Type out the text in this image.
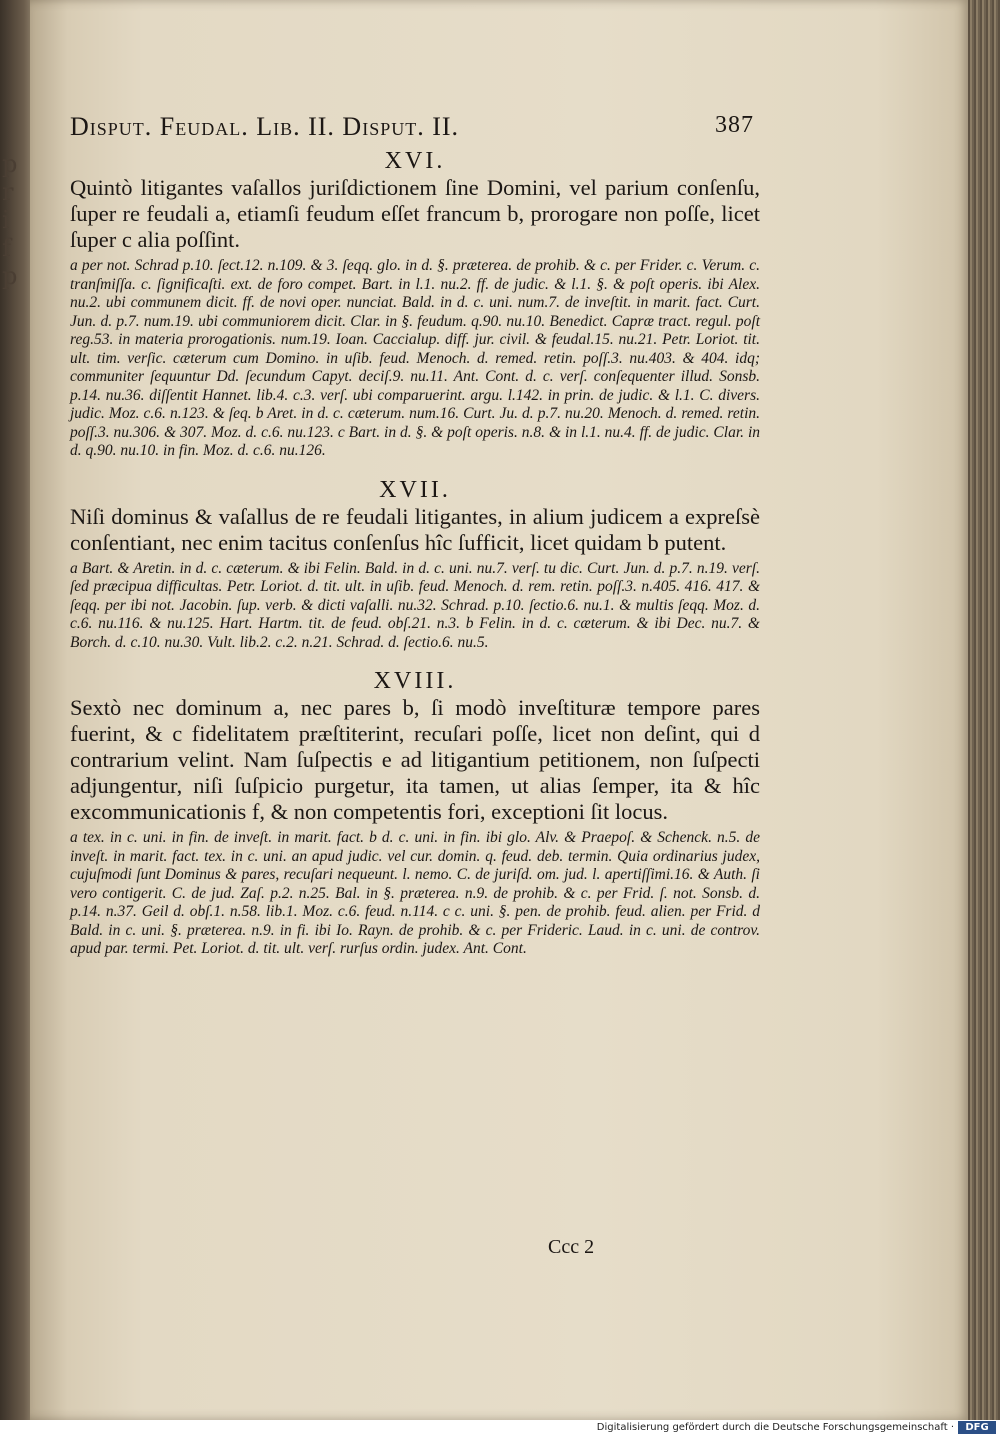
p
r
i
f
p
Disput. Feudal. Lib. II. Disput. II.	387
XVI.

Quintò litigantes vaſallos juriſdictionem ſine Domini, vel parium conſenſu, ſuper re feudali a, etiamſi feudum eſſet francum b, prorogare non poſſe, licet ſuper c alia poſſint.

a per not. Schrad p.10. ſect.12. n.109. & 3. ſeqq. glo. in d. §. præterea. de prohib. & c. per Frider. c. Verum. c. tranſmiſſa. c. ſignificaſti. ext. de foro compet. Bart. in l.1. nu.2. ff. de judic. & l.1. §. & poſt operis. ibi Alex. nu.2. ubi communem dicit. ff. de novi oper. nunciat. Bald. in d. c. uni. num.7. de inveſtit. in marit. fact. Curt. Jun. d. p.7. num.19. ubi communiorem dicit. Clar. in §. feudum. q.90. nu.10. Benedict. Capræ tract. regul. poſt reg.53. in materia prorogationis. num.19. Ioan. Caccialup. diff. jur. civil. & feudal.15. nu.21. Petr. Loriot. tit. ult. tim. verſic. cæterum cum Domino. in uſib. feud. Menoch. d. remed. retin. poſſ.3. nu.403. & 404. idq; communiter ſequuntur Dd. ſecundum Capyt. deciſ.9. nu.11. Ant. Cont. d. c. verſ. conſequenter illud. Sonsb. p.14. nu.36. diſſentit Hannet. lib.4. c.3. verſ. ubi comparuerint. argu. l.142. in prin. de judic. & l.1. C. divers. judic. Moz. c.6. n.123. & ſeq. b Aret. in d. c. cæterum. num.16. Curt. Ju. d. p.7. nu.20. Menoch. d. remed. retin. poſſ.3. nu.306. & 307. Moz. d. c.6. nu.123. c Bart. in d. §. & poſt operis. n.8. & in l.1. nu.4. ff. de judic. Clar. in d. q.90. nu.10. in fin. Moz. d. c.6. nu.126.

XVII.

Niſi dominus & vaſallus de re feudali litigantes, in alium judicem a expreſsè conſentiant, nec enim tacitus conſenſus hîc ſufficit, licet quidam b putent.

a Bart. & Aretin. in d. c. cæterum. & ibi Felin. Bald. in d. c. uni. nu.7. verſ. tu dic. Curt. Jun. d. p.7. n.19. verſ. ſed præcipua difficultas. Petr. Loriot. d. tit. ult. in uſib. feud. Menoch. d. rem. retin. poſſ.3. n.405. 416. 417. & ſeqq. per ibi not. Jacobin. ſup. verb. & dicti vaſalli. nu.32. Schrad. p.10. ſectio.6. nu.1. & multis ſeqq. Moz. d. c.6. nu.116. & nu.125. Hart. Hartm. tit. de feud. obſ.21. n.3. b Felin. in d. c. cæterum. & ibi Dec. nu.7. & Borch. d. c.10. nu.30. Vult. lib.2. c.2. n.21. Schrad. d. ſectio.6. nu.5.

XVIII.

Sextò nec dominum a, nec pares b, ſi modò inveſtituræ tempore pares fuerint, & c fidelitatem præſtiterint, recuſari poſſe, licet non deſint, qui d contrarium velint. Nam ſuſpectis e ad litigantium petitionem, non ſuſpecti adjungentur, niſi ſuſpicio purgetur, ita tamen, ut alias ſemper, ita & hîc excommunicationis f, & non competentis fori, exceptioni ſit locus.

a tex. in c. uni. in fin. de inveſt. in marit. fact. b d. c. uni. in fin. ibi glo. Alv. & Praepoſ. & Schenck. n.5. de inveſt. in marit. fact. tex. in c. uni. an apud judic. vel cur. domin. q. feud. deb. termin. Quia ordinarius judex, cujuſmodi ſunt Dominus & pares, recuſari nequeunt. l. nemo. C. de juriſd. om. jud. l. apertiſſimi.16. & Auth. ſi vero contigerit. C. de jud. Zaſ. p.2. n.25. Bal. in §. præterea. n.9. de prohib. & c. per Frid. ſ. not. Sonsb. d. p.14. n.37. Geil d. obſ.1. n.58. lib.1. Moz. c.6. feud. n.114. c c. uni. §. pen. de prohib. feud. alien. per Frid. d Bald. in c. uni. §. præterea. n.9. in fi. ibi Io. Rayn. de prohib. & c. per Frideric. Laud. in c. uni. de controv. apud par. termi. Pet. Loriot. d. tit. ult. verſ. rurſus ordin. judex. Ant. Cont.

Ccc 2
Digitalisierung gefördert durch die Deutsche Forschungsgemeinschaft ·	DFG
